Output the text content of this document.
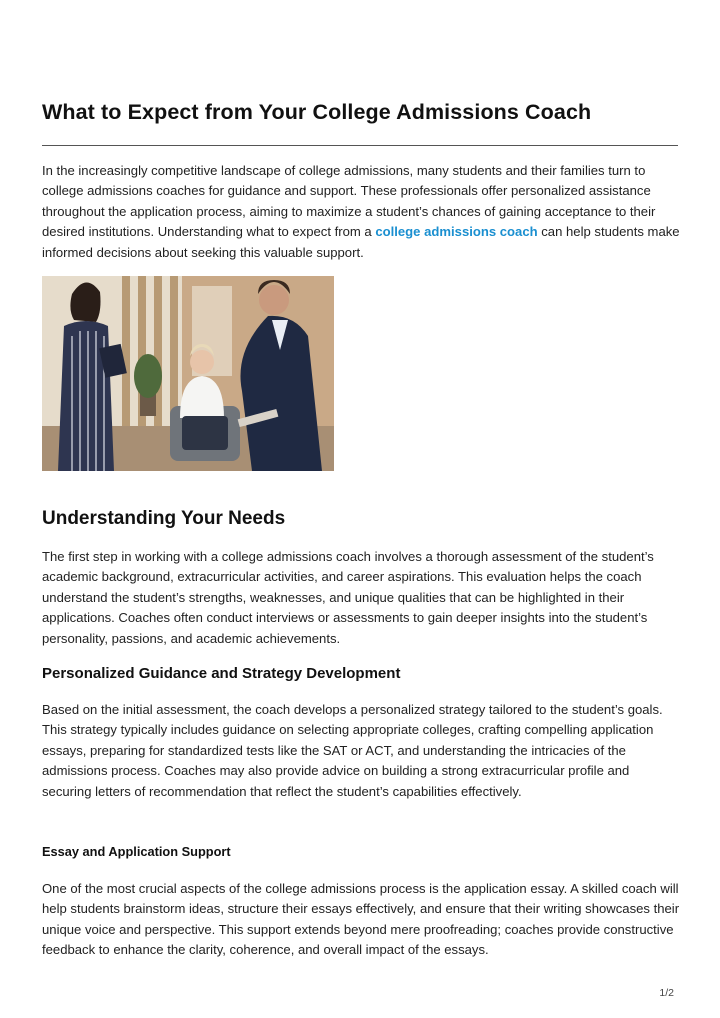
What to Expect from Your College Admissions Coach

In the increasingly competitive landscape of college admissions, many students and their families turn to college admissions coaches for guidance and support. These professionals offer personalized assistance throughout the application process, aiming to maximize a student’s chances of gaining acceptance to their desired institutions. Understanding what to expect from a college admissions coach can help students make informed decisions about seeking this valuable support.

Understanding Your Needs

The first step in working with a college admissions coach involves a thorough assessment of the student’s academic background, extracurricular activities, and career aspirations. This evaluation helps the coach understand the student’s strengths, weaknesses, and unique qualities that can be highlighted in their applications. Coaches often conduct interviews or assessments to gain deeper insights into the student’s personality, passions, and academic achievements.

Personalized Guidance and Strategy Development

Based on the initial assessment, the coach develops a personalized strategy tailored to the student’s goals. This strategy typically includes guidance on selecting appropriate colleges, crafting compelling application essays, preparing for standardized tests like the SAT or ACT, and understanding the intricacies of the admissions process. Coaches may also provide advice on building a strong extracurricular profile and securing letters of recommendation that reflect the student’s capabilities effectively.

Essay and Application Support

One of the most crucial aspects of the college admissions process is the application essay. A skilled coach will help students brainstorm ideas, structure their essays effectively, and ensure that their writing showcases their unique voice and perspective. This support extends beyond mere proofreading; coaches provide constructive feedback to enhance the clarity, coherence, and overall impact of the essays.

1/2
